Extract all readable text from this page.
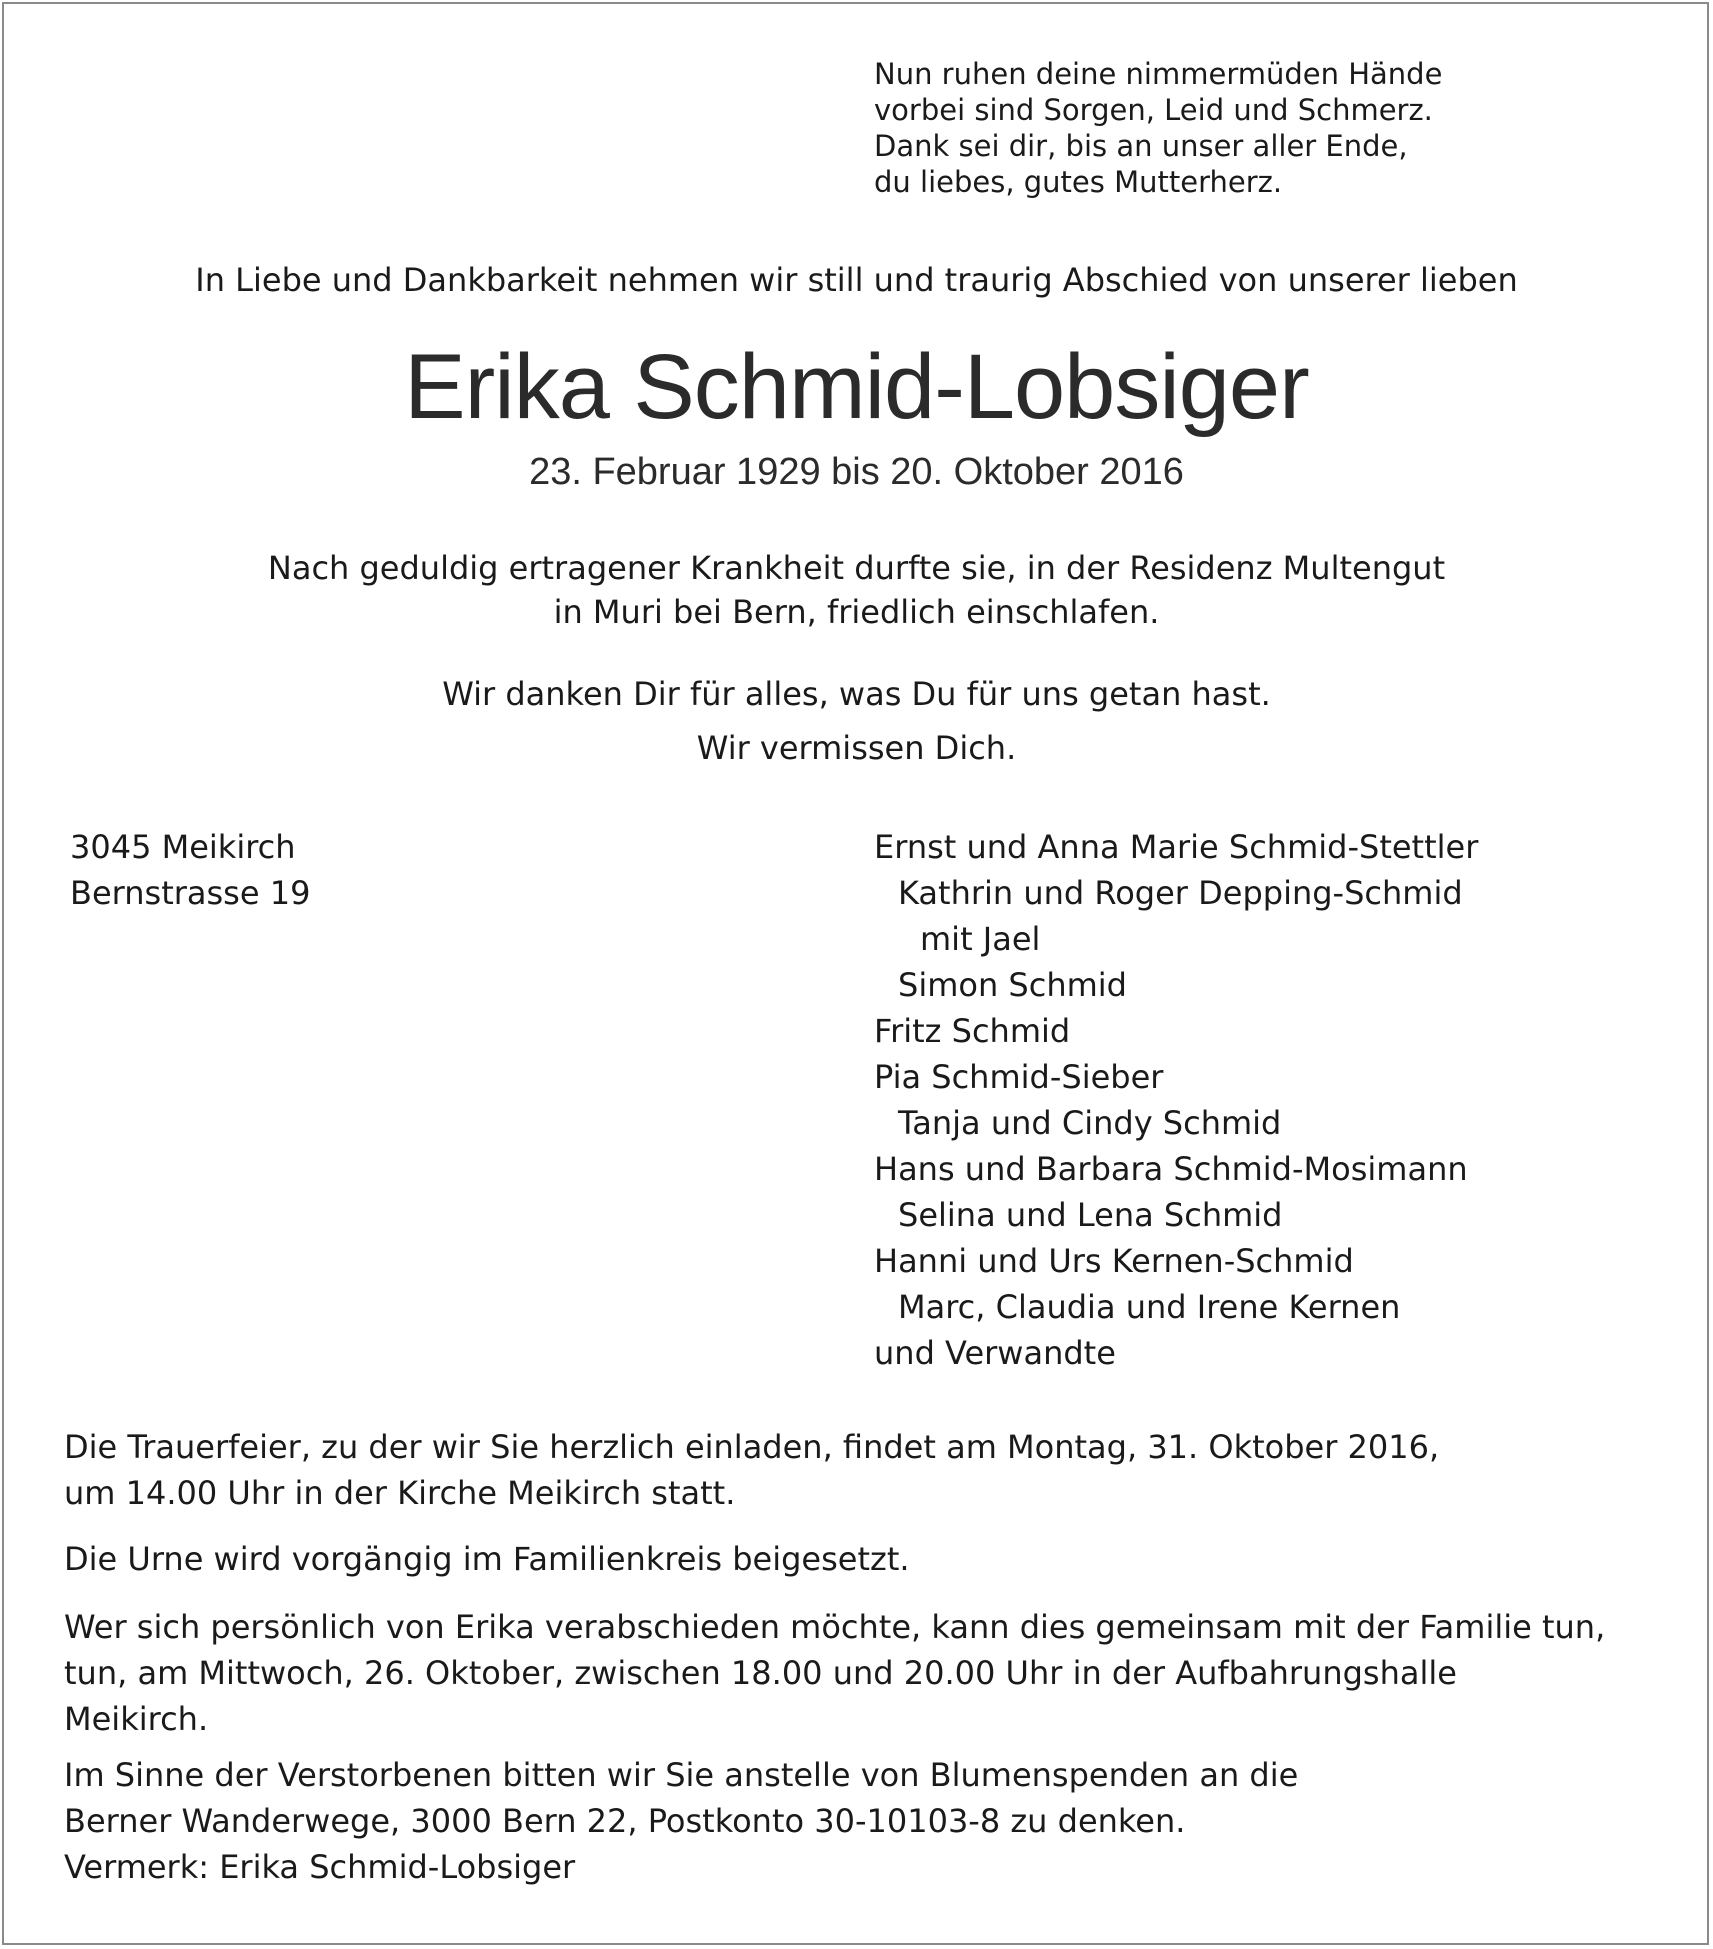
Nun ruhen deine nimmermüden Hände
vorbei sind Sorgen, Leid und Schmerz.
Dank sei dir, bis an unser aller Ende,
du liebes, gutes Mutterherz.
In Liebe und Dankbarkeit nehmen wir still und traurig Abschied von unserer lieben
Erika Schmid-Lobsiger
23. Februar 1929 bis 20. Oktober 2016
Nach geduldig ertragener Krankheit durfte sie, in der Residenz Multengut
in Muri bei Bern, friedlich einschlafen.
Wir danken Dir für alles, was Du für uns getan hast.
Wir vermissen Dich.
3045 Meikirch
Bernstrasse 19
Ernst und Anna Marie Schmid-Stettler
Kathrin und Roger Depping-Schmid
mit Jael
Simon Schmid
Fritz Schmid
Pia Schmid-Sieber
Tanja und Cindy Schmid
Hans und Barbara Schmid-Mosimann
Selina und Lena Schmid
Hanni und Urs Kernen-Schmid
Marc, Claudia und Irene Kernen
und Verwandte
Die Trauerfeier, zu der wir Sie herzlich einladen, findet am Montag, 31. Oktober 2016,
um 14.00 Uhr in der Kirche Meikirch statt.
Die Urne wird vorgängig im Familienkreis beigesetzt.
Wer sich persönlich von Erika verabschieden möchte, kann dies gemeinsam mit der Familie tun,
tun, am Mittwoch, 26. Oktober, zwischen 18.00 und 20.00 Uhr in der Aufbahrungshalle
Meikirch.
Im Sinne der Verstorbenen bitten wir Sie anstelle von Blumenspenden an die
Berner Wanderwege, 3000 Bern 22, Postkonto 30-10103-8 zu denken.
Vermerk: Erika Schmid-Lobsiger
